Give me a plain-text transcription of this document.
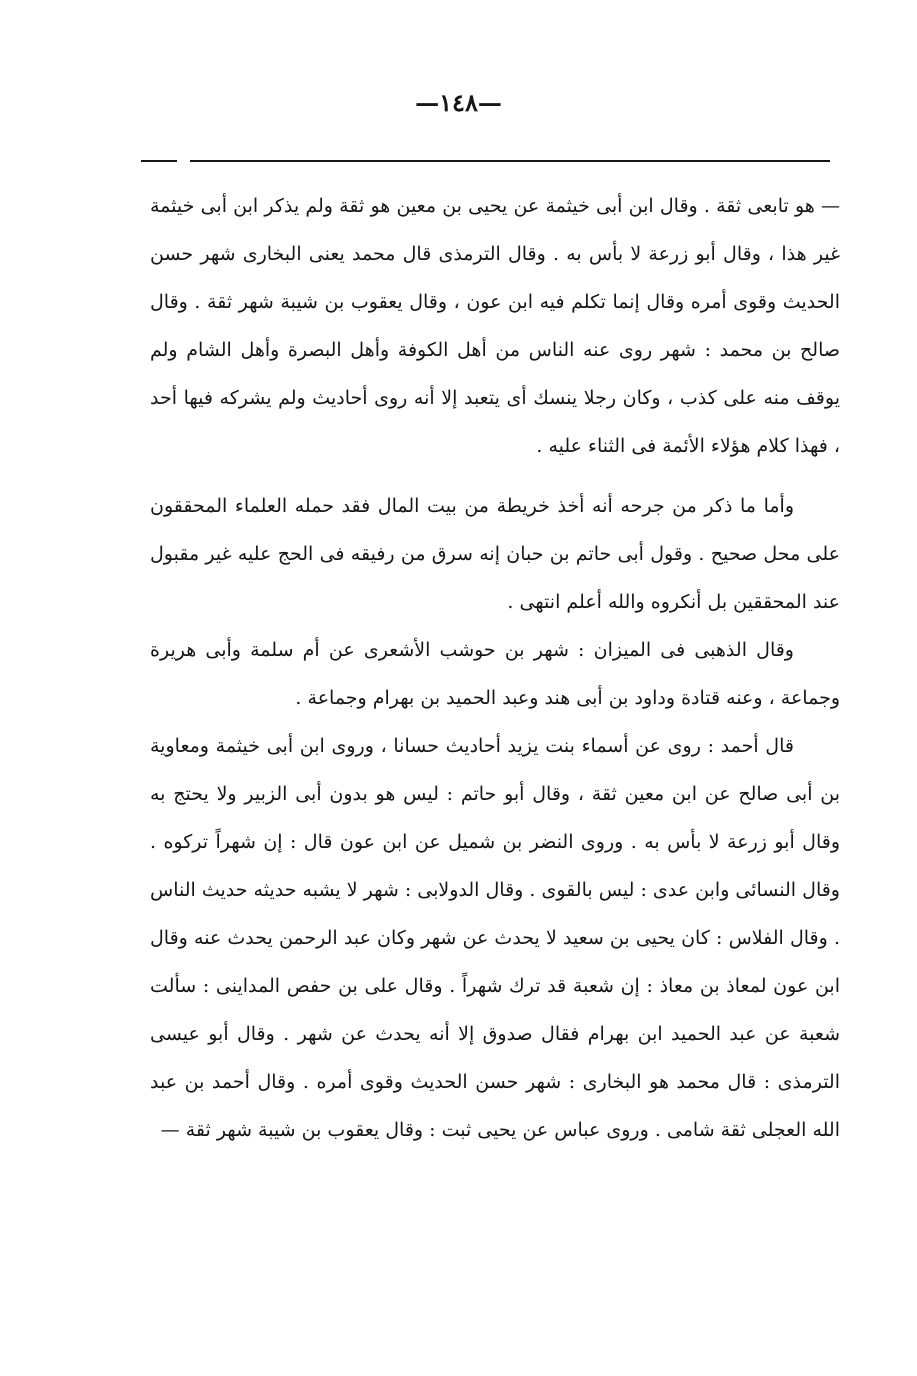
—١٤٨—

— هو تابعى ثقة . وقال ابن أبى خيثمة عن يحيى بن معين هو ثقة ولم يذكر ابن أبى خيثمة غير هذا ، وقال أبو زرعة لا بأس به . وقال الترمذى قال محمد يعنى البخارى شهر حسن الحديث وقوى أمره وقال إنما تكلم فيه ابن عون ، وقال يعقوب بن شيبة شهر ثقة . وقال صالح بن محمد : شهر روى عنه الناس من أهل الكوفة وأهل البصرة وأهل الشام ولم يوقف منه على كذب ، وكان رجلا ينسك أى يتعبد إلا أنه روى أحاديث ولم يشركه فيها أحد ، فهذا كلام هؤلاء الأئمة فى الثناء عليه .

وأما ما ذكر من جرحه أنه أخذ خريطة من بيت المال فقد حمله العلماء المحققون على محل صحيح . وقول أبى حاتم بن حبان إنه سرق من رفيقه فى الحج عليه غير مقبول عند المحققين بل أنكروه والله أعلم انتهى .

وقال الذهبى فى الميزان : شهر بن حوشب الأشعرى عن أم سلمة وأبى هريرة وجماعة ، وعنه قتادة وداود بن أبى هند وعبد الحميد بن بهرام وجماعة .

قال أحمد : روى عن أسماء بنت يزيد أحاديث حسانا ، وروى ابن أبى خيثمة ومعاوية بن أبى صالح عن ابن معين ثقة ، وقال أبو حاتم : ليس هو بدون أبى الزبير ولا يحتج به وقال أبو زرعة لا بأس به . وروى النضر بن شميل عن ابن عون قال : إن شهراً تركوه . وقال النسائى وابن عدى : ليس بالقوى . وقال الدولابى : شهر لا يشبه حديثه حديث الناس . وقال الفلاس : كان يحيى بن سعيد لا يحدث عن شهر وكان عبد الرحمن يحدث عنه وقال ابن عون لمعاذ بن معاذ : إن شعبة قد ترك شهراً . وقال على بن حفص المداينى : سألت شعبة عن عبد الحميد ابن بهرام فقال صدوق إلا أنه يحدث عن شهر . وقال أبو عيسى الترمذى : قال محمد هو البخارى : شهر حسن الحديث وقوى أمره . وقال أحمد بن عبد الله العجلى ثقة شامى . وروى عباس عن يحيى ثبت : وقال يعقوب بن شيبة شهر ثقة —
